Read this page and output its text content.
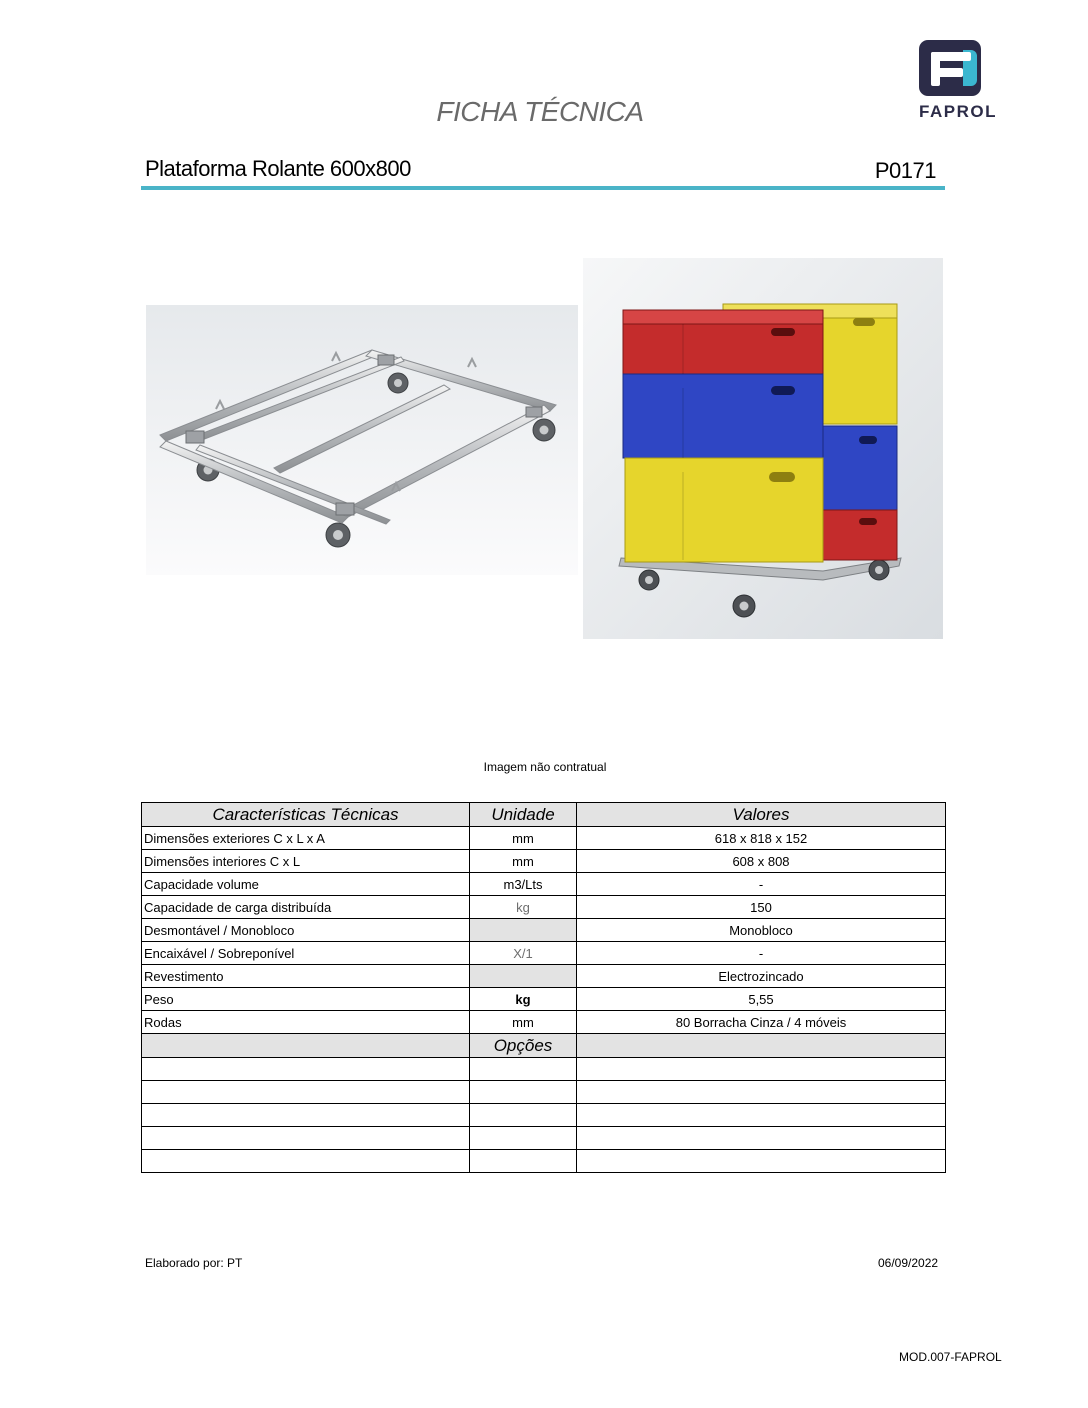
FAPROL
FICHA TÉCNICA
Plataforma Rolante 600x800	P0171
Imagem não contratual
Características Técnicas	Unidade	Valores
Dimensões exteriores C x L x A	mm	618 x 818 x 152
Dimensões interiores C x L	mm	608 x 808
Capacidade volume	m3/Lts	-
Capacidade de carga distribuída	kg	150
Desmontável / Monobloco		Monobloco
Encaixável / Sobreponível	X/1	-
Revestimento		Electrozincado
Peso	kg	5,55
Rodas	mm	80 Borracha Cinza / 4 móveis
	Opções	

Elaborado por: PT	06/09/2022
MOD.007-FAPROL
